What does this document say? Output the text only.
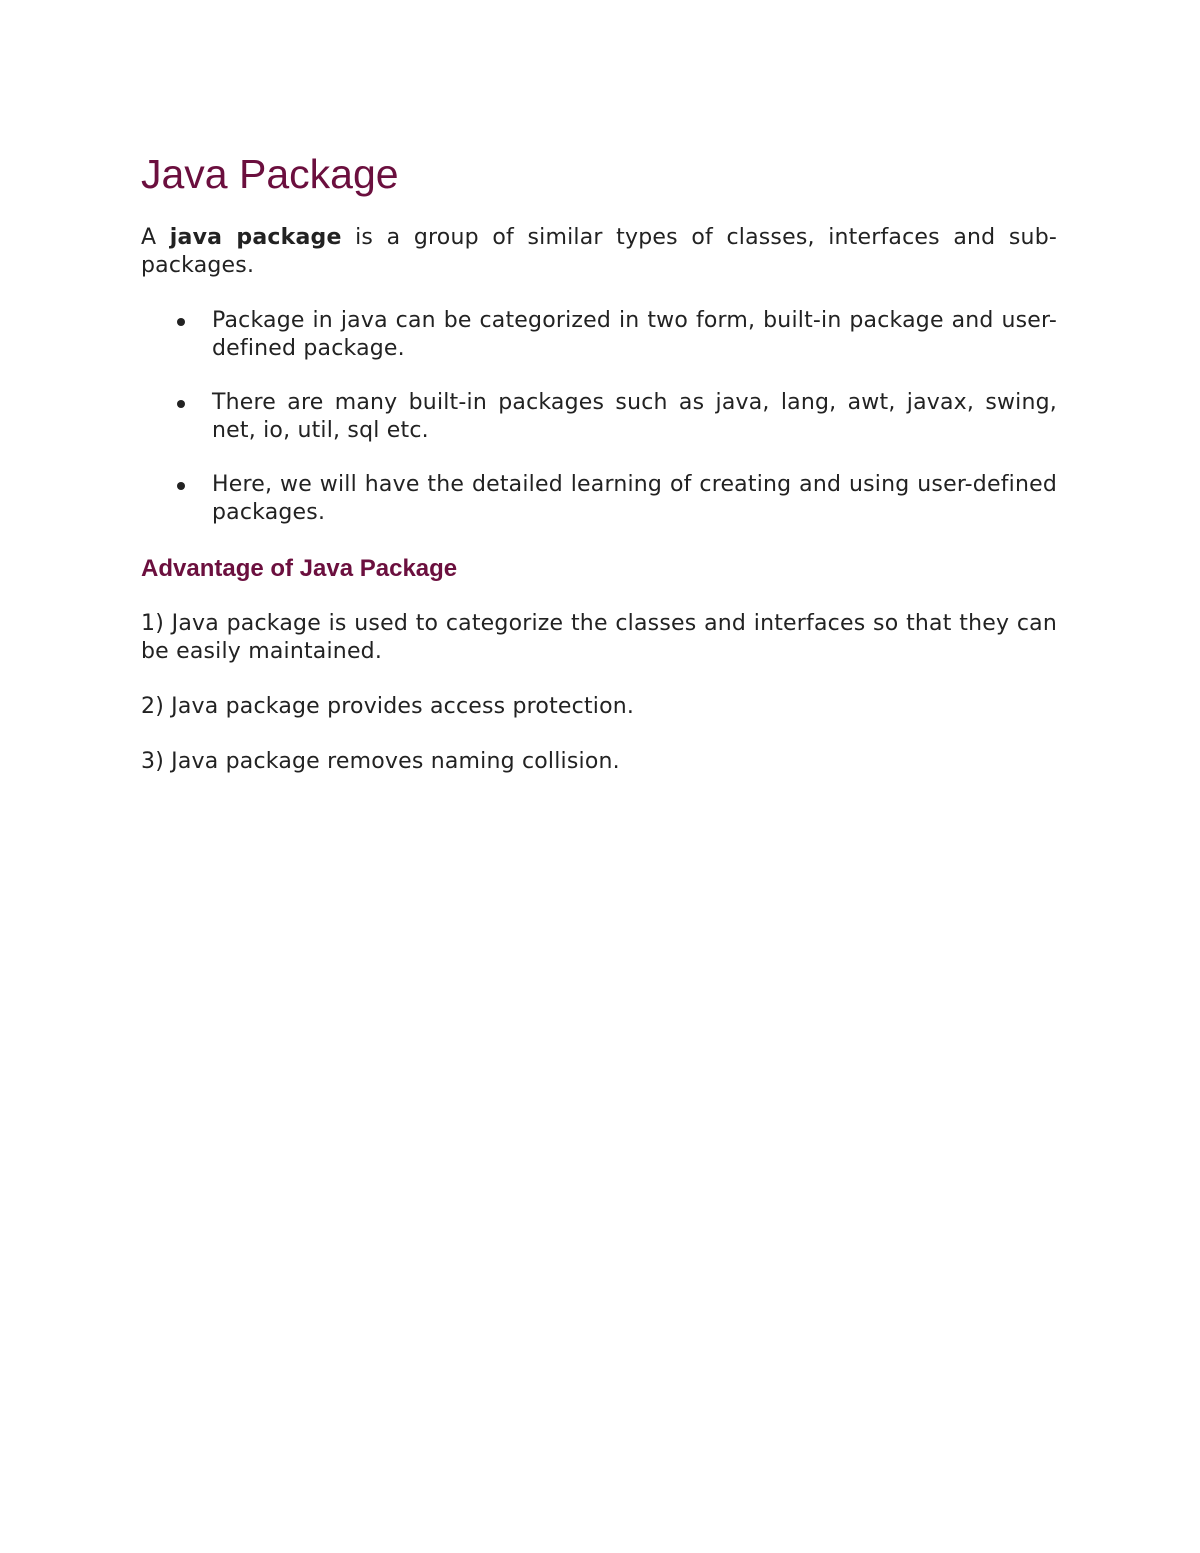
Java Package

A java package is a group of similar types of classes, interfaces and sub-packages.

Package in java can be categorized in two form, built-in package and user-defined package.
There are many built-in packages such as java, lang, awt, javax, swing, net, io, util, sql etc.
Here, we will have the detailed learning of creating and using user-defined packages.
Advantage of Java Package

1) Java package is used to categorize the classes and interfaces so that they can be easily maintained.

2) Java package provides access protection.

3) Java package removes naming collision.
